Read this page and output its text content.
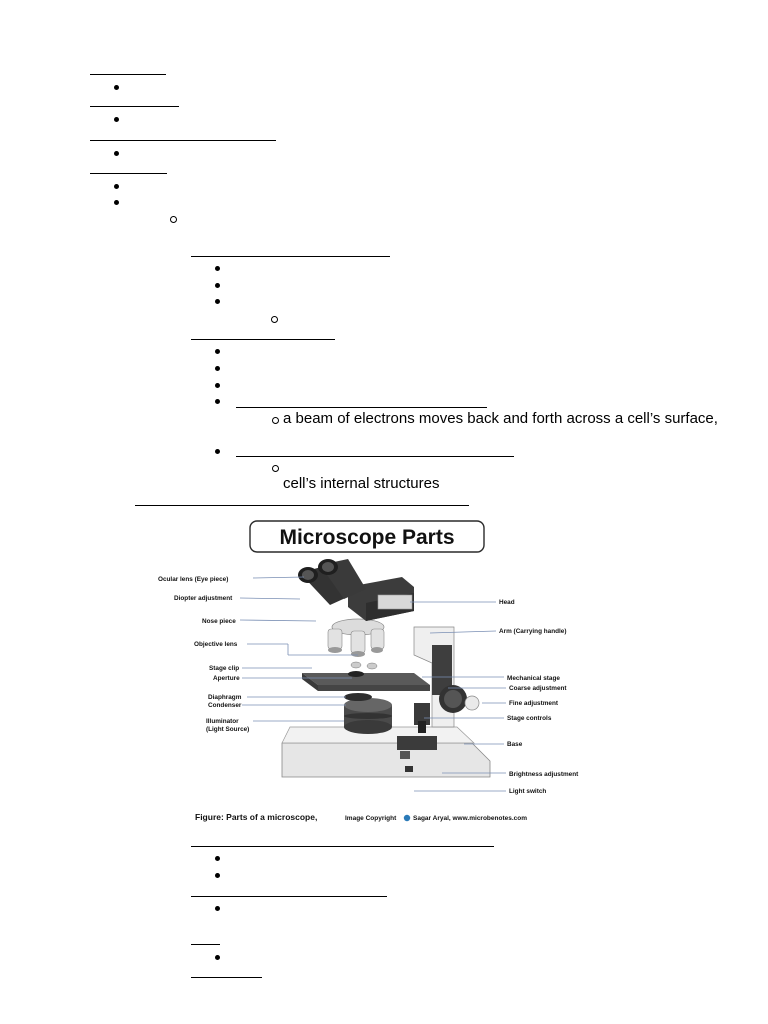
a beam of electrons moves back and forth across a cell’s surface,
cell’s internal structures
Microscope Parts
Ocular lens (Eye piece)
Diopter adjustment
Nose piece
Objective lens
Stage clip
Aperture
Diaphragm
Condenser
Illuminator
(Light Source)
Head
Arm (Carrying handle)
Mechanical stage
Coarse adjustment
Fine adjustment
Stage controls
Base
Brightness adjustment
Light switch
Figure: Parts of a microscope,	Image Copyright	Sagar Aryal, www.microbenotes.com
